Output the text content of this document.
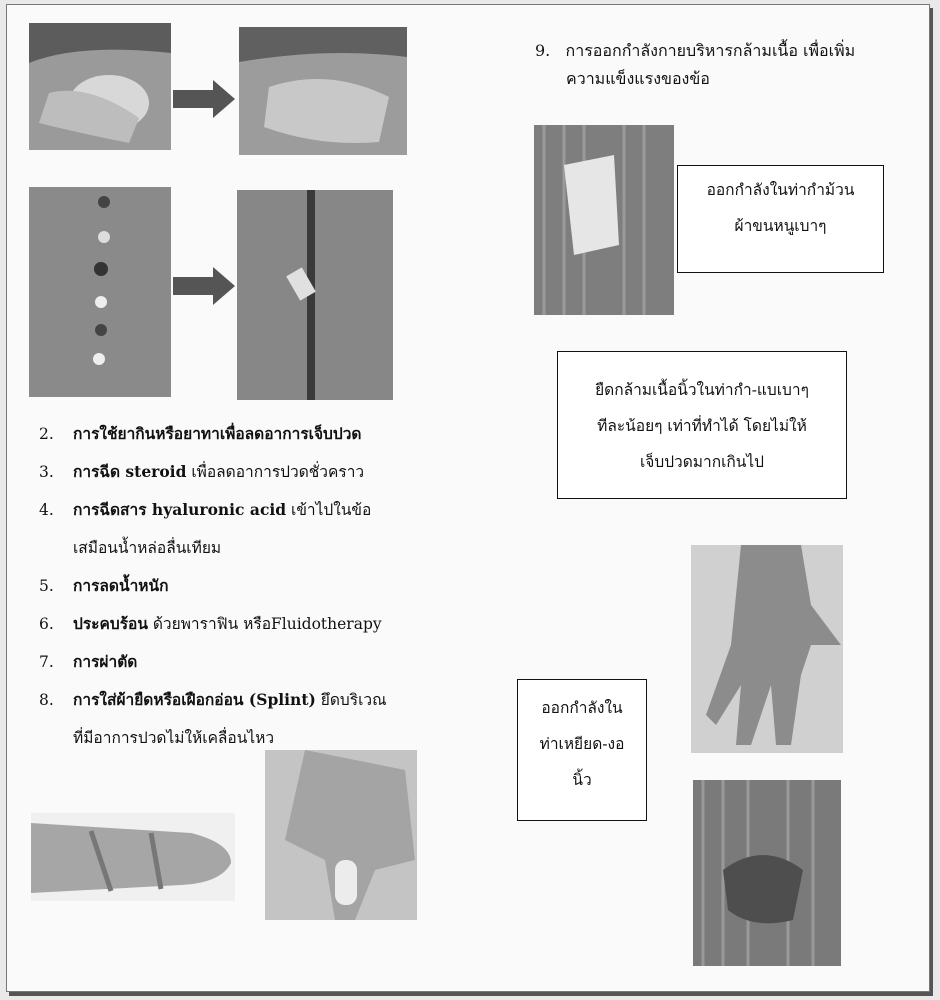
2. การใช้ยากินหรือยาทาเพื่อลดอาการเจ็บปวด
3. การฉีด steroid เพื่อลดอาการปวดชั่วคราว
4. การฉีดสาร hyaluronic acid เข้าไปในข้อ
เสมือนน้ำหล่อลื่นเทียม
5. การลดน้ำหนัก
6. ประคบร้อน ด้วยพาราฟิน หรือFluidotherapy
7. การผ่าตัด
8. การใส่ผ้ายืดหรือเฝือกอ่อน (Splint) ยึดบริเวณ
ที่มีอาการปวดไม่ให้เคลื่อนไหว
9. การออกกำลังกายบริหารกล้ามเนื้อ เพื่อเพิ่ม
ความแข็งแรงของข้อ
ออกกำลังในท่ากำม้วน
ผ้าขนหนูเบาๆ
ยืดกล้ามเนื้อนิ้วในท่ากำ-แบเบาๆ
ทีละน้อยๆ เท่าที่ทำได้ โดยไม่ให้
เจ็บปวดมากเกินไป
ออกกำลังใน
ท่าเหยียด-งอ
นิ้ว
